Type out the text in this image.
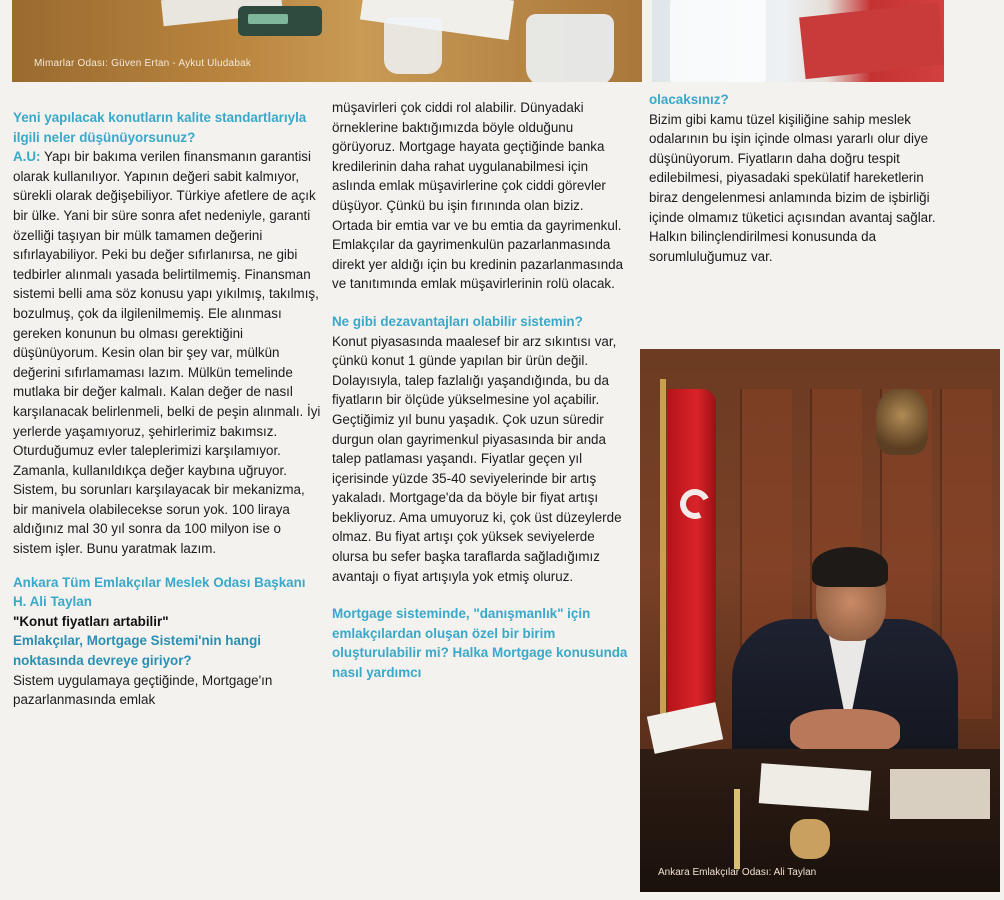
Mimarlar Odası: Güven Ertan - Aykut Uludabak

Yeni yapılacak konutların kalite standartlarıyla ilgili neler düşünüyorsunuz?

A.U: Yapı bir bakıma verilen finansmanın garantisi olarak kullanılıyor. Yapının değeri sabit kalmıyor, sürekli olarak değişebiliyor. Türkiye afetlere de açık bir ülke. Yani bir süre sonra afet nedeniyle, garanti özelliği taşıyan bir mülk tamamen değerini sıfırlayabiliyor. Peki bu değer sıfırlanırsa, ne gibi tedbirler alınmalı yasada belirtilmemiş. Finansman sistemi belli ama söz konusu yapı yıkılmış, takılmış, bozulmuş, çok da ilgilenilmemiş. Ele alınması gereken konunun bu olması gerektiğini düşünüyorum. Kesin olan bir şey var, mülkün değerini sıfırlamaması lazım. Mülkün temelinde mutlaka bir değer kalmalı. Kalan değer de nasıl karşılanacak belirlenmeli, belki de peşin alınmalı. İyi yerlerde yaşamıyoruz, şehirlerimiz bakımsız. Oturduğumuz evler taleplerimizi karşılamıyor. Zamanla, kullanıldıkça değer kaybına uğruyor. Sistem, bu sorunları karşılayacak bir mekanizma, bir manivela olabilecekse sorun yok. 100 liraya aldığınız mal 30 yıl sonra da 100 milyon ise o sistem işler. Bunu yaratmak lazım.

Ankara Tüm Emlakçılar Meslek Odası Başkanı H. Ali Taylan

"Konut fiyatları artabilir"

Emlakçılar, Mortgage Sistemi'nin hangi noktasında devreye giriyor?

Sistem uygulamaya geçtiğinde, Mortgage'ın pazarlanmasında emlak

müşavirleri çok ciddi rol alabilir. Dünyadaki örneklerine baktığımızda böyle olduğunu görüyoruz. Mortgage hayata geçtiğinde banka kredilerinin daha rahat uygulanabilmesi için aslında emlak müşavirlerine çok ciddi görevler düşüyor. Çünkü bu işin fırınında olan biziz. Ortada bir emtia var ve bu emtia da gayrimenkul. Emlakçılar da gayrimenkulün pazarlanmasında direkt yer aldığı için bu kredinin pazarlanmasında ve tanıtımında emlak müşavirlerinin rolü olacak.

Ne gibi dezavantajları olabilir sistemin?

Konut piyasasında maalesef bir arz sıkıntısı var, çünkü konut 1 günde yapılan bir ürün değil. Dolayısıyla, talep fazlalığı yaşandığında, bu da fiyatların bir ölçüde yükselmesine yol açabilir. Geçtiğimiz yıl bunu yaşadık. Çok uzun süredir durgun olan gayrimenkul piyasasında bir anda talep patlaması yaşandı. Fiyatlar geçen yıl içerisinde yüzde 35-40 seviyelerinde bir artış yakaladı. Mortgage'da da böyle bir fiyat artışı bekliyoruz. Ama umuyoruz ki, çok üst düzeylerde olmaz. Bu fiyat artışı çok yüksek seviyelerde olursa bu sefer başka taraflarda sağladığımız avantajı o fiyat artışıyla yok etmiş oluruz.

Mortgage sisteminde, "danışmanlık" için emlakçılardan oluşan özel bir birim oluşturulabilir mi? Halka Mortgage konusunda nasıl yardımcı

olacaksınız?

Bizim gibi kamu tüzel kişiliğine sahip meslek odalarının bu işin içinde olması yararlı olur diye düşünüyorum. Fiyatların daha doğru tespit edilebilmesi, piyasadaki spekülatif hareketlerin biraz dengelenmesi anlamında bizim de işbirliği içinde olmamız tüketici açısından avantaj sağlar. Halkın bilinçlendirilmesi konusunda da sorumluluğumuz var.

Ankara Emlakçılar Odası: Ali Taylan
